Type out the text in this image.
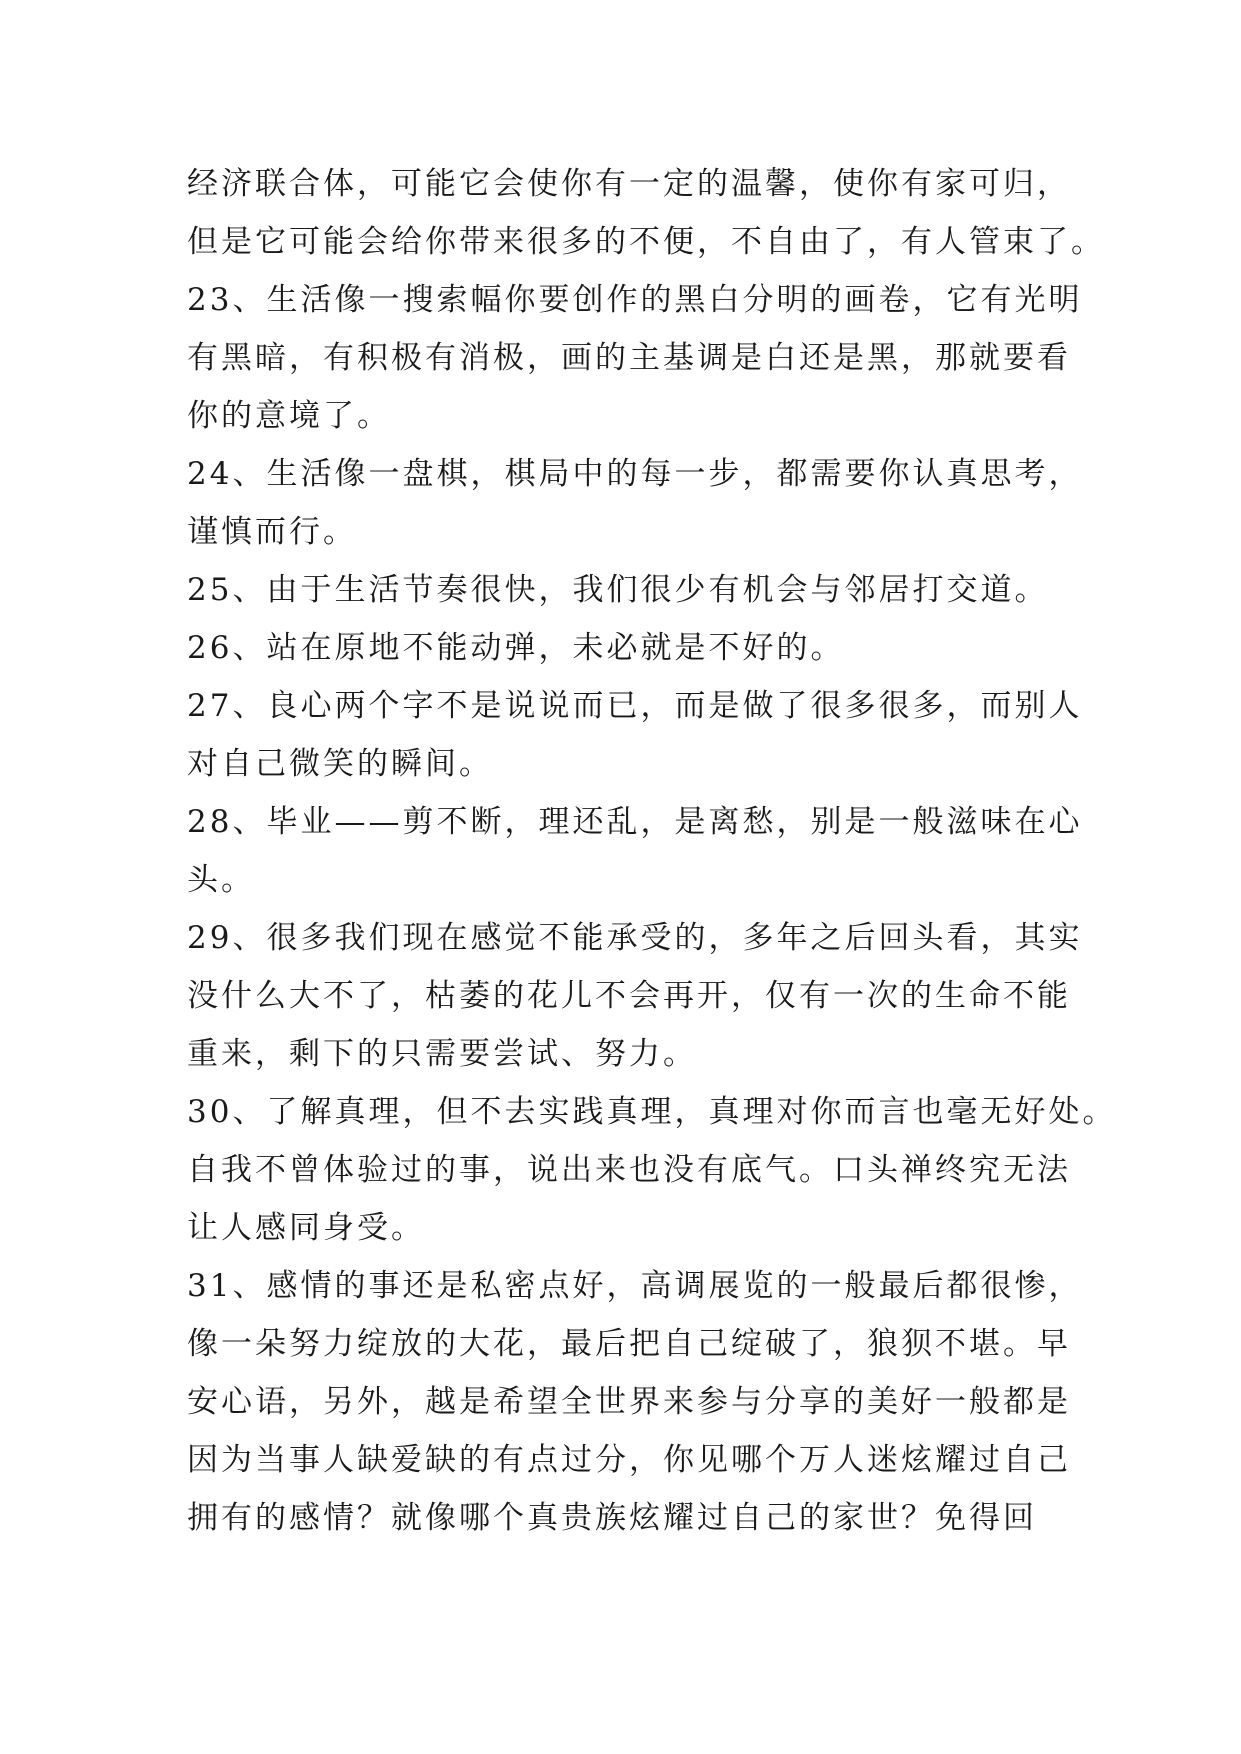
经济联合体，可能它会使你有一定的温馨，使你有家可归，
但是它可能会给你带来很多的不便，不自由了，有人管束了。
23、生活像一搜索幅你要创作的黑白分明的画卷，它有光明
有黑暗，有积极有消极，画的主基调是白还是黑，那就要看
你的意境了。
24、生活像一盘棋，棋局中的每一步，都需要你认真思考，
谨慎而行。
25、由于生活节奏很快，我们很少有机会与邻居打交道。
26、站在原地不能动弹，未必就是不好的。
27、良心两个字不是说说而已，而是做了很多很多，而别人
对自己微笑的瞬间。
28、毕业——剪不断，理还乱，是离愁，别是一般滋味在心
头。
29、很多我们现在感觉不能承受的，多年之后回头看，其实
没什么大不了，枯萎的花儿不会再开，仅有一次的生命不能
重来，剩下的只需要尝试、努力。
30、了解真理，但不去实践真理，真理对你而言也毫无好处。
自我不曾体验过的事，说出来也没有底气。口头禅终究无法
让人感同身受。
31、感情的事还是私密点好，高调展览的一般最后都很惨，
像一朵努力绽放的大花，最后把自己绽破了，狼狈不堪。早
安心语，另外，越是希望全世界来参与分享的美好一般都是
因为当事人缺爱缺的有点过分，你见哪个万人迷炫耀过自己
拥有的感情？就像哪个真贵族炫耀过自己的家世？免得回
